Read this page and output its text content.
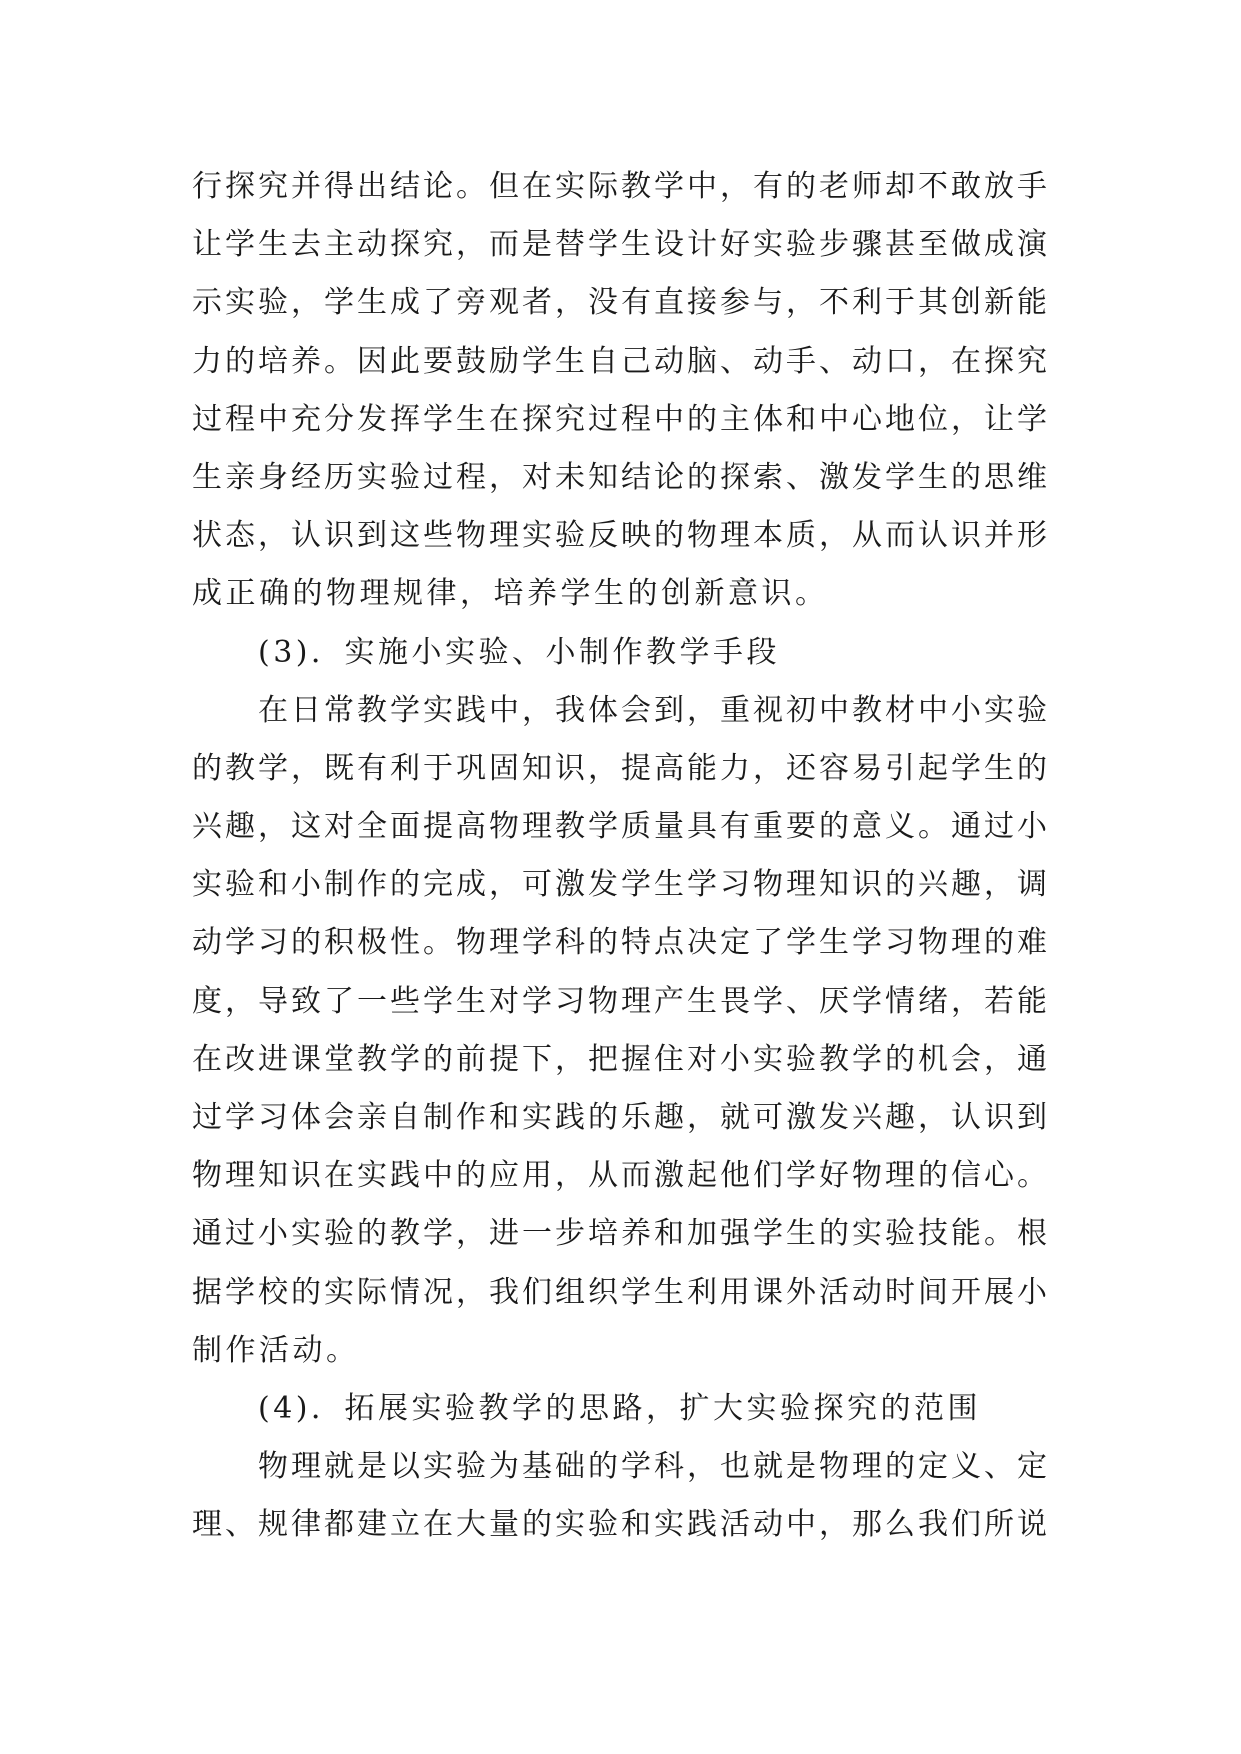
行探究并得出结论。但在实际教学中，有的老师却不敢放手
让学生去主动探究，而是替学生设计好实验步骤甚至做成演
示实验，学生成了旁观者，没有直接参与，不利于其创新能
力的培养。因此要鼓励学生自己动脑、动手、动口，在探究
过程中充分发挥学生在探究过程中的主体和中心地位，让学
生亲身经历实验过程，对未知结论的探索、激发学生的思维
状态，认识到这些物理实验反映的物理本质，从而认识并形
成正确的物理规律，培养学生的创新意识。
(3)．实施小实验、小制作教学手段
在日常教学实践中，我体会到，重视初中教材中小实验
的教学，既有利于巩固知识，提高能力，还容易引起学生的
兴趣，这对全面提高物理教学质量具有重要的意义。通过小
实验和小制作的完成，可激发学生学习物理知识的兴趣，调
动学习的积极性。物理学科的特点决定了学生学习物理的难
度，导致了一些学生对学习物理产生畏学、厌学情绪，若能
在改进课堂教学的前提下，把握住对小实验教学的机会，通
过学习体会亲自制作和实践的乐趣，就可激发兴趣，认识到
物理知识在实践中的应用，从而激起他们学好物理的信心。
通过小实验的教学，进一步培养和加强学生的实验技能。根
据学校的实际情况，我们组织学生利用课外活动时间开展小
制作活动。
(4)．拓展实验教学的思路，扩大实验探究的范围
物理就是以实验为基础的学科，也就是物理的定义、定
理、规律都建立在大量的实验和实践活动中，那么我们所说
